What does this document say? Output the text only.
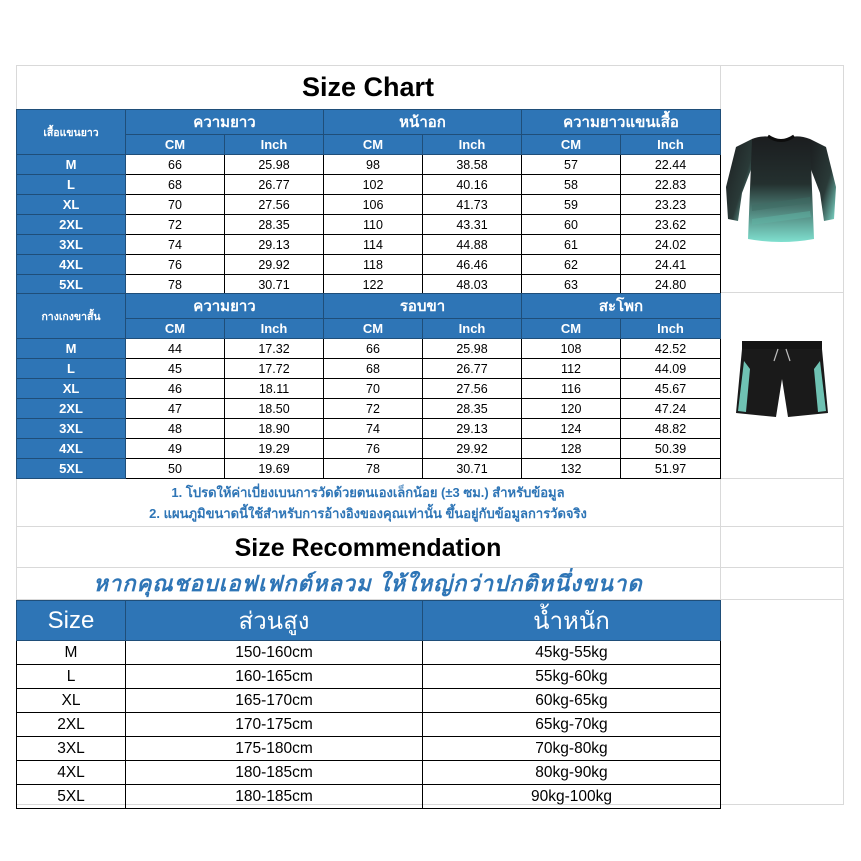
Size Chart
เสื้อแขนยาว	ความยาว		หน้าอก		ความยาวแขนเสื้อ	
	CM	Inch	CM	Inch	CM	Inch
M	66	25.98	98	38.58	57	22.44
L	68	26.77	102	40.16	58	22.83
XL	70	27.56	106	41.73	59	23.23
2XL	72	28.35	110	43.31	60	23.62
3XL	74	29.13	114	44.88	61	24.02
4XL	76	29.92	118	46.46	62	24.41
5XL	78	30.71	122	48.03	63	24.80
กางเกงขาสั้น	ความยาว		รอบขา		สะโพก	
	CM	Inch	CM	Inch	CM	Inch
M	44	17.32	66	25.98	108	42.52
L	45	17.72	68	26.77	112	44.09
XL	46	18.11	70	27.56	116	45.67
2XL	47	18.50	72	28.35	120	47.24
3XL	48	18.90	74	29.13	124	48.82
4XL	49	19.29	76	29.92	128	50.39
5XL	50	19.69	78	30.71	132	51.97
1. โปรดให้ค่าเบี่ยงเบนการวัดด้วยตนเองเล็กน้อย (±3 ซม.) สำหรับข้อมูล
2. แผนภูมิขนาดนี้ใช้สำหรับการอ้างอิงของคุณเท่านั้น ขึ้นอยู่กับข้อมูลการวัดจริง
Size Recommendation
หากคุณชอบเอฟเฟกต์หลวม ให้ใหญ่กว่าปกติหนึ่งขนาด
Size	ส่วนสูง	น้ำหนัก
M	150-160cm	45kg-55kg
L	160-165cm	55kg-60kg
XL	165-170cm	60kg-65kg
2XL	170-175cm	65kg-70kg
3XL	175-180cm	70kg-80kg
4XL	180-185cm	80kg-90kg
5XL	180-185cm	90kg-100kg
